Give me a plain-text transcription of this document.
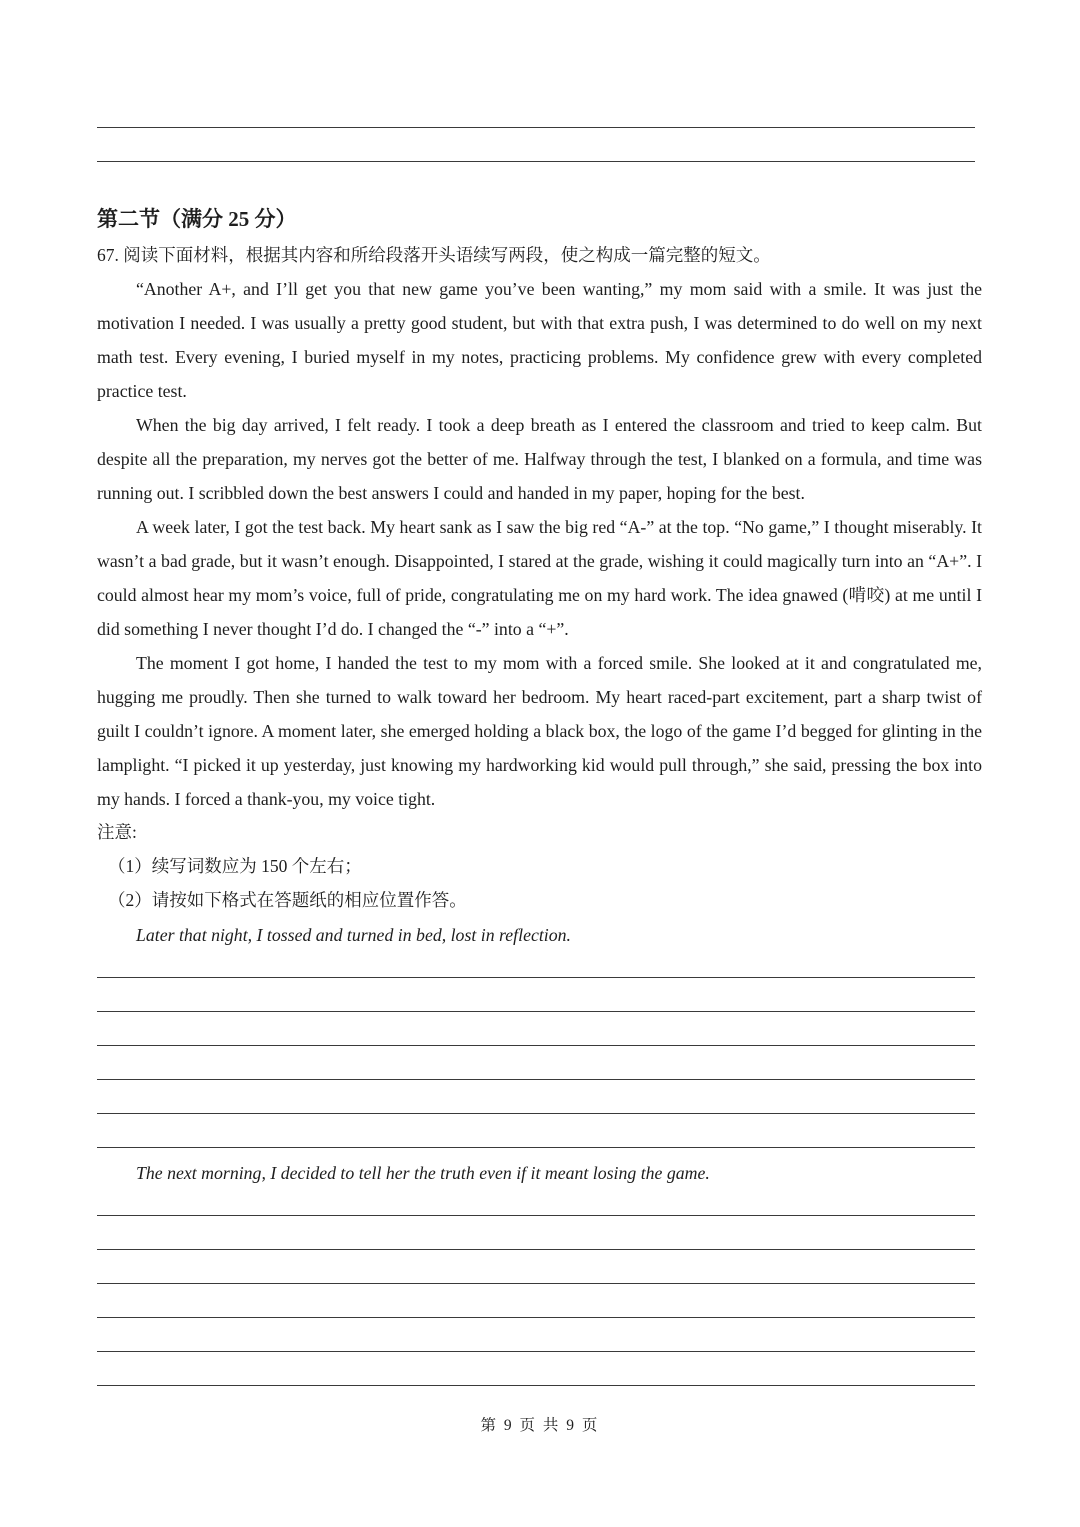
第二节（满分 25 分）
67. 阅读下面材料，根据其内容和所给段落开头语续写两段，使之构成一篇完整的短文。

“Another A+, and I’ll get you that new game you’ve been wanting,” my mom said with a smile. It was just the motivation I needed. I was usually a pretty good student, but with that extra push, I was determined to do well on my next math test. Every evening, I buried myself in my notes, practicing problems. My confidence grew with every completed practice test.

When the big day arrived, I felt ready. I took a deep breath as I entered the classroom and tried to keep calm. But despite all the preparation, my nerves got the better of me. Halfway through the test, I blanked on a formula, and time was running out. I scribbled down the best answers I could and handed in my paper, hoping for the best.

A week later, I got the test back. My heart sank as I saw the big red “A-” at the top. “No game,” I thought miserably. It wasn’t a bad grade, but it wasn’t enough. Disappointed, I stared at the grade, wishing it could magically turn into an “A+”. I could almost hear my mom’s voice, full of pride, congratulating me on my hard work. The idea gnawed (啃咬) at me until I did something I never thought I’d do. I changed the “-” into a “+”.

The moment I got home, I handed the test to my mom with a forced smile. She looked at it and congratulated me, hugging me proudly. Then she turned to walk toward her bedroom. My heart raced-part excitement, part a sharp twist of guilt I couldn’t ignore. A moment later, she emerged holding a black box, the logo of the game I’d begged for glinting in the lamplight. “I picked it up yesterday, just knowing my hardworking kid would pull through,” she said, pressing the box into my hands. I forced a thank-you, my voice tight.

注意:
（1）续写词数应为 150 个左右；
（2）请按如下格式在答题纸的相应位置作答。
Later that night, I tossed and turned in bed, lost in reflection.
The next morning, I decided to tell her the truth even if it meant losing the game.
第 9 页 共 9 页
